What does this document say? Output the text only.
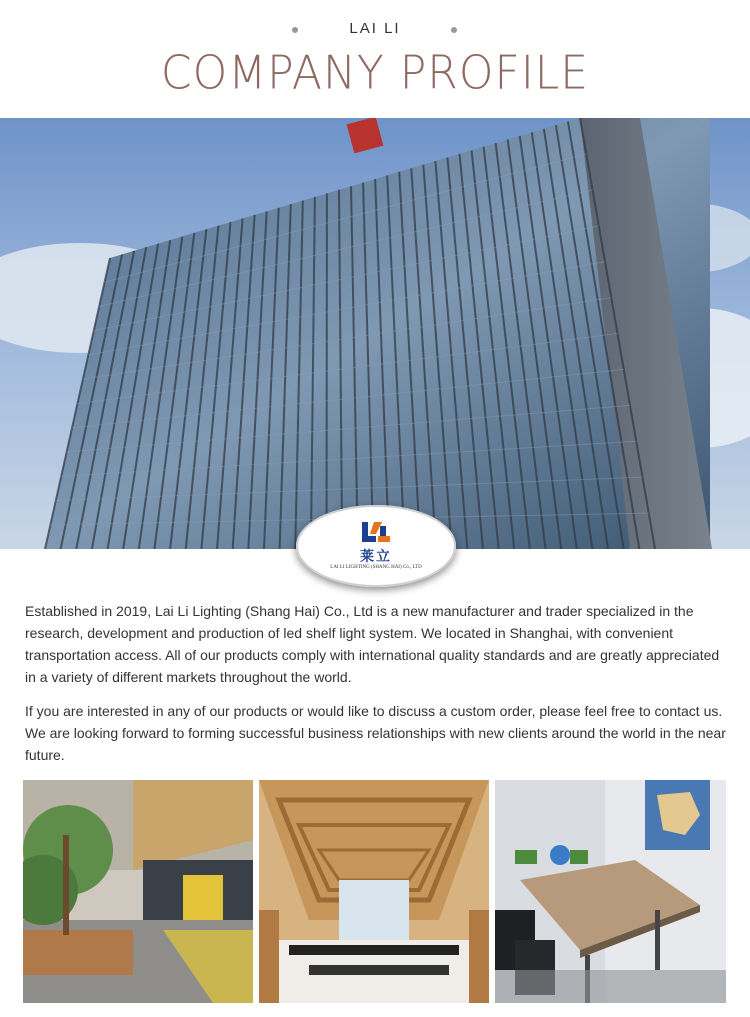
LAI LI
COMPANY PROFILE
莱立
LAI LI LIGHTING (SHANG HAI) Co., LTD

Established in 2019, Lai Li Lighting (Shang Hai) Co., Ltd is a new manufacturer and trader specialized in the research, development and production of led shelf light system. We located in Shanghai, with convenient transportation access. All of our products comply with international quality standards and are greatly appreciated in a variety of different markets throughout the world.

If you are interested in any of our products or would like to discuss a custom order, please feel free to contact us. We are looking forward to forming successful business relationships with new clients around the world in the near future.
